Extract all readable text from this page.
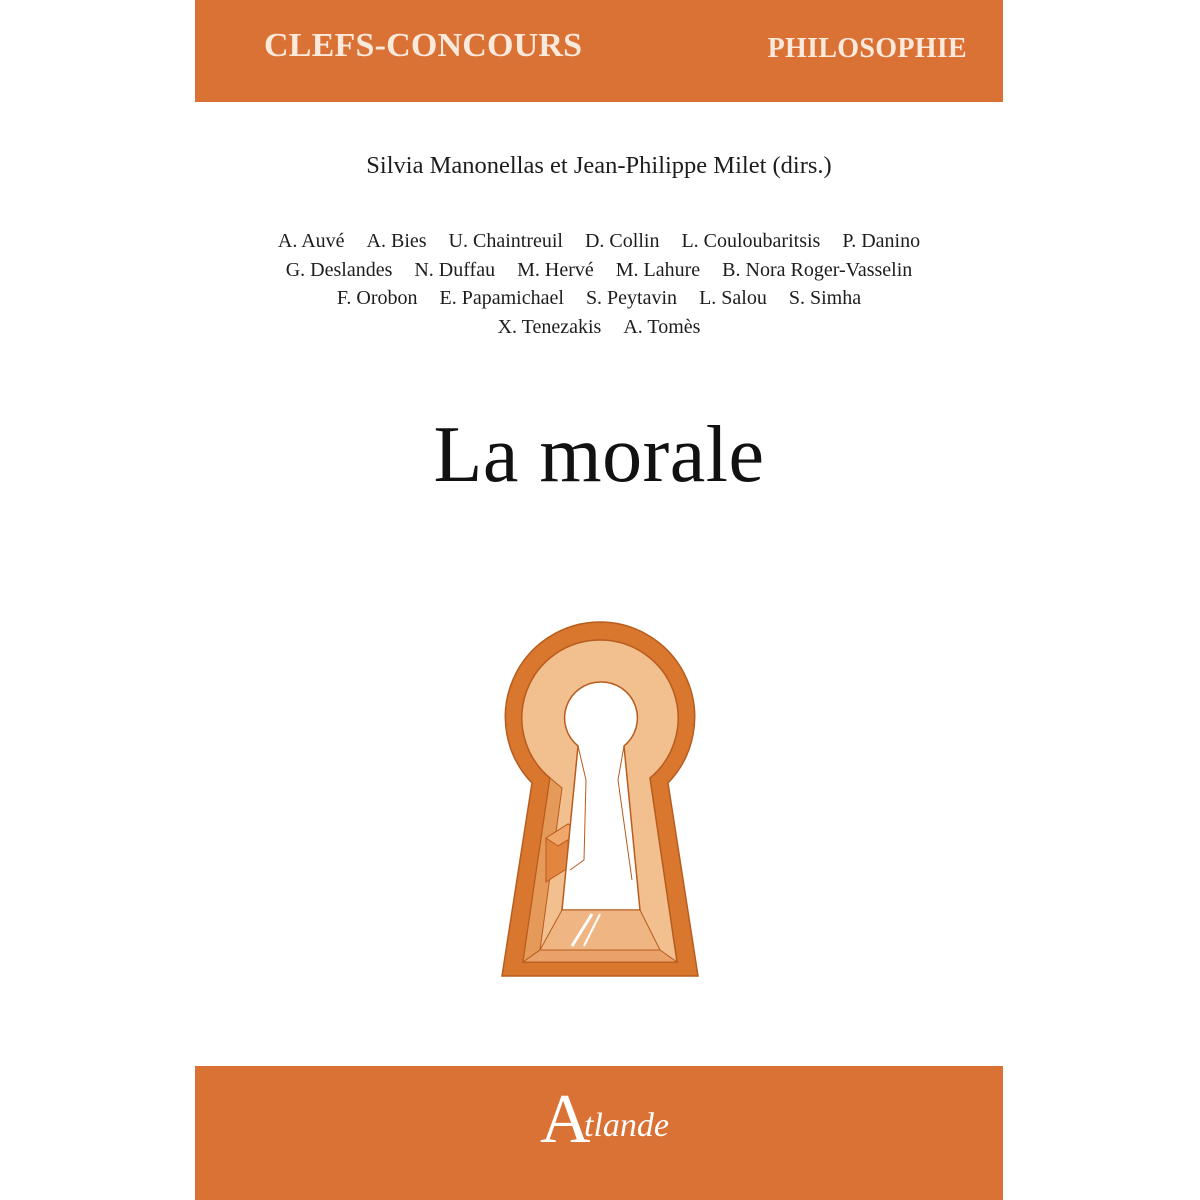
CLEFS-CONCOURS	PHILOSOPHIE
Silvia Manonellas et Jean-Philippe Milet (dirs.)
A. Auvé A. Bies U. Chaintreuil D. Collin L. Couloubaritsis P. Danino
G. Deslandes N. Duffau M. Hervé M. Lahure B. Nora Roger-Vasselin
F. Orobon E. Papamichael S. Peytavin L. Salou S. Simha
X. Tenezakis A. Tomès
La morale
A
tlande
